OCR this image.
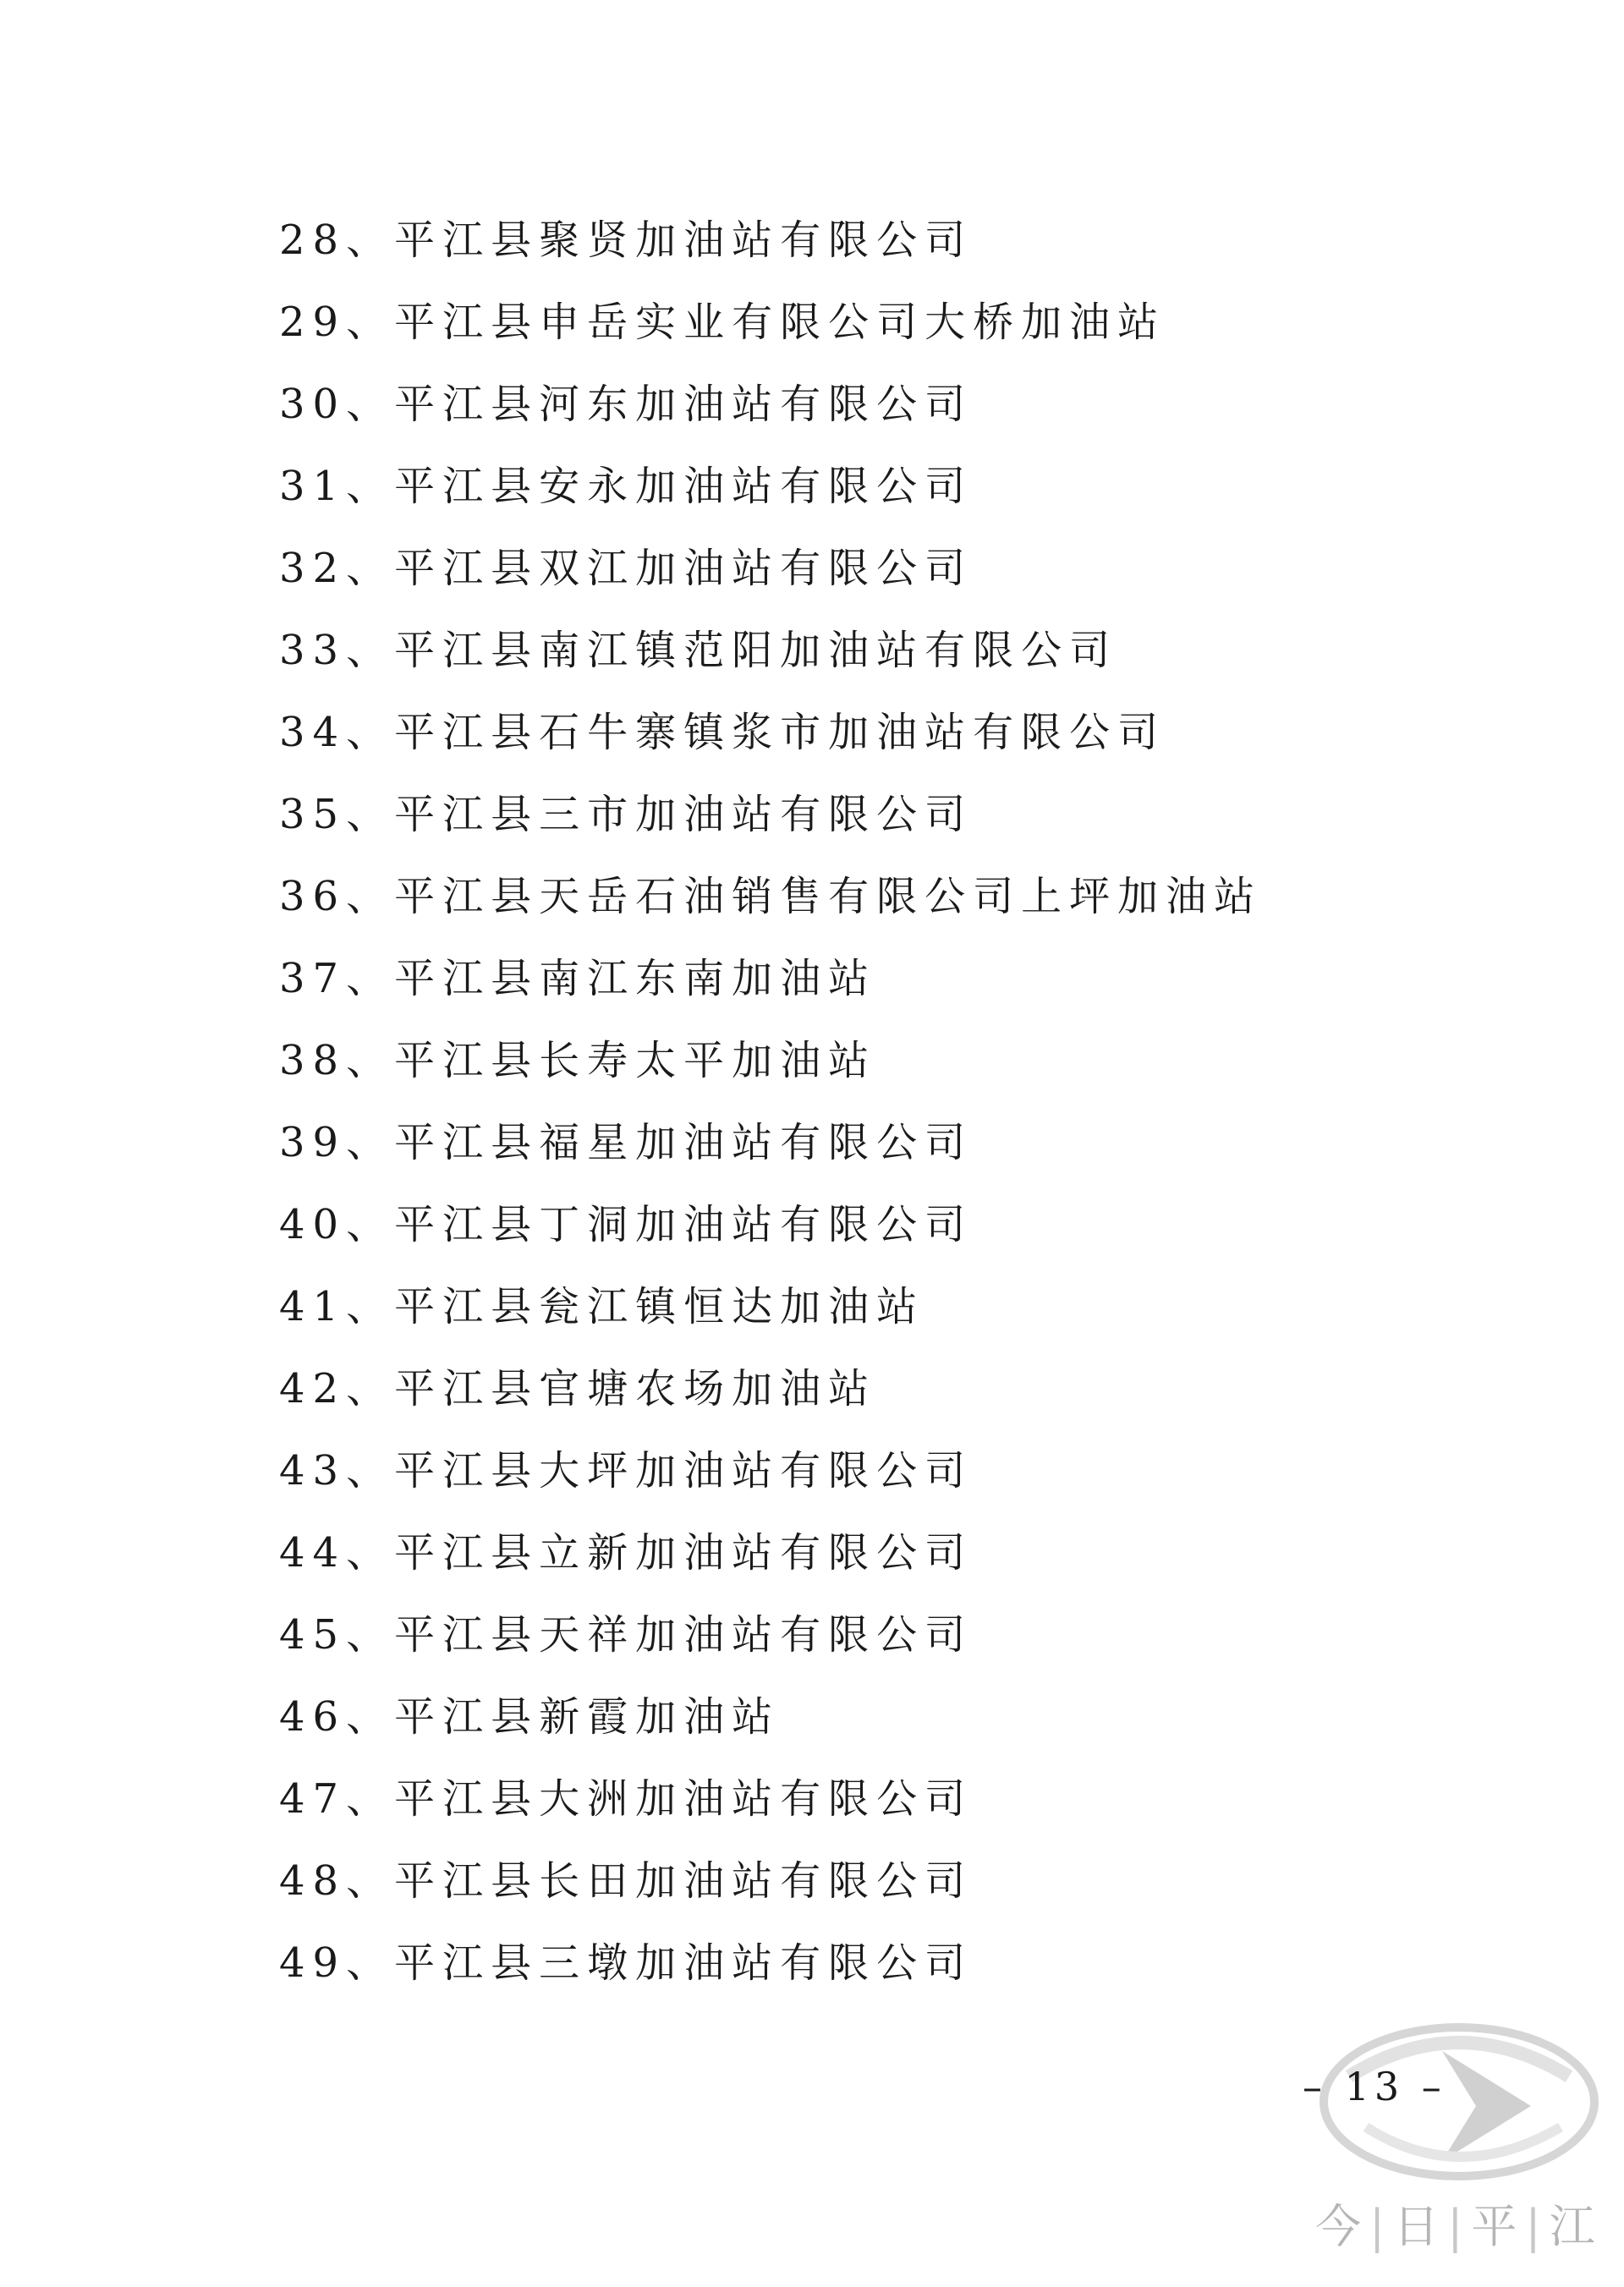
28、平江县聚贤加油站有限公司
29、平江县申岳实业有限公司大桥加油站
30、平江县河东加油站有限公司
31、平江县安永加油站有限公司
32、平江县双江加油站有限公司
33、平江县南江镇范阳加油站有限公司
34、平江县石牛寨镇浆市加油站有限公司
35、平江县三市加油站有限公司
36、平江县天岳石油销售有限公司上坪加油站
37、平江县南江东南加油站
38、平江县长寿太平加油站
39、平江县福星加油站有限公司
40、平江县丁洞加油站有限公司
41、平江县瓮江镇恒达加油站
42、平江县官塘农场加油站
43、平江县大坪加油站有限公司
44、平江县立新加油站有限公司
45、平江县天祥加油站有限公司
46、平江县新霞加油站
47、平江县大洲加油站有限公司
48、平江县长田加油站有限公司
49、平江县三墩加油站有限公司
– 13 –
今 | 日 | 平 | 江
